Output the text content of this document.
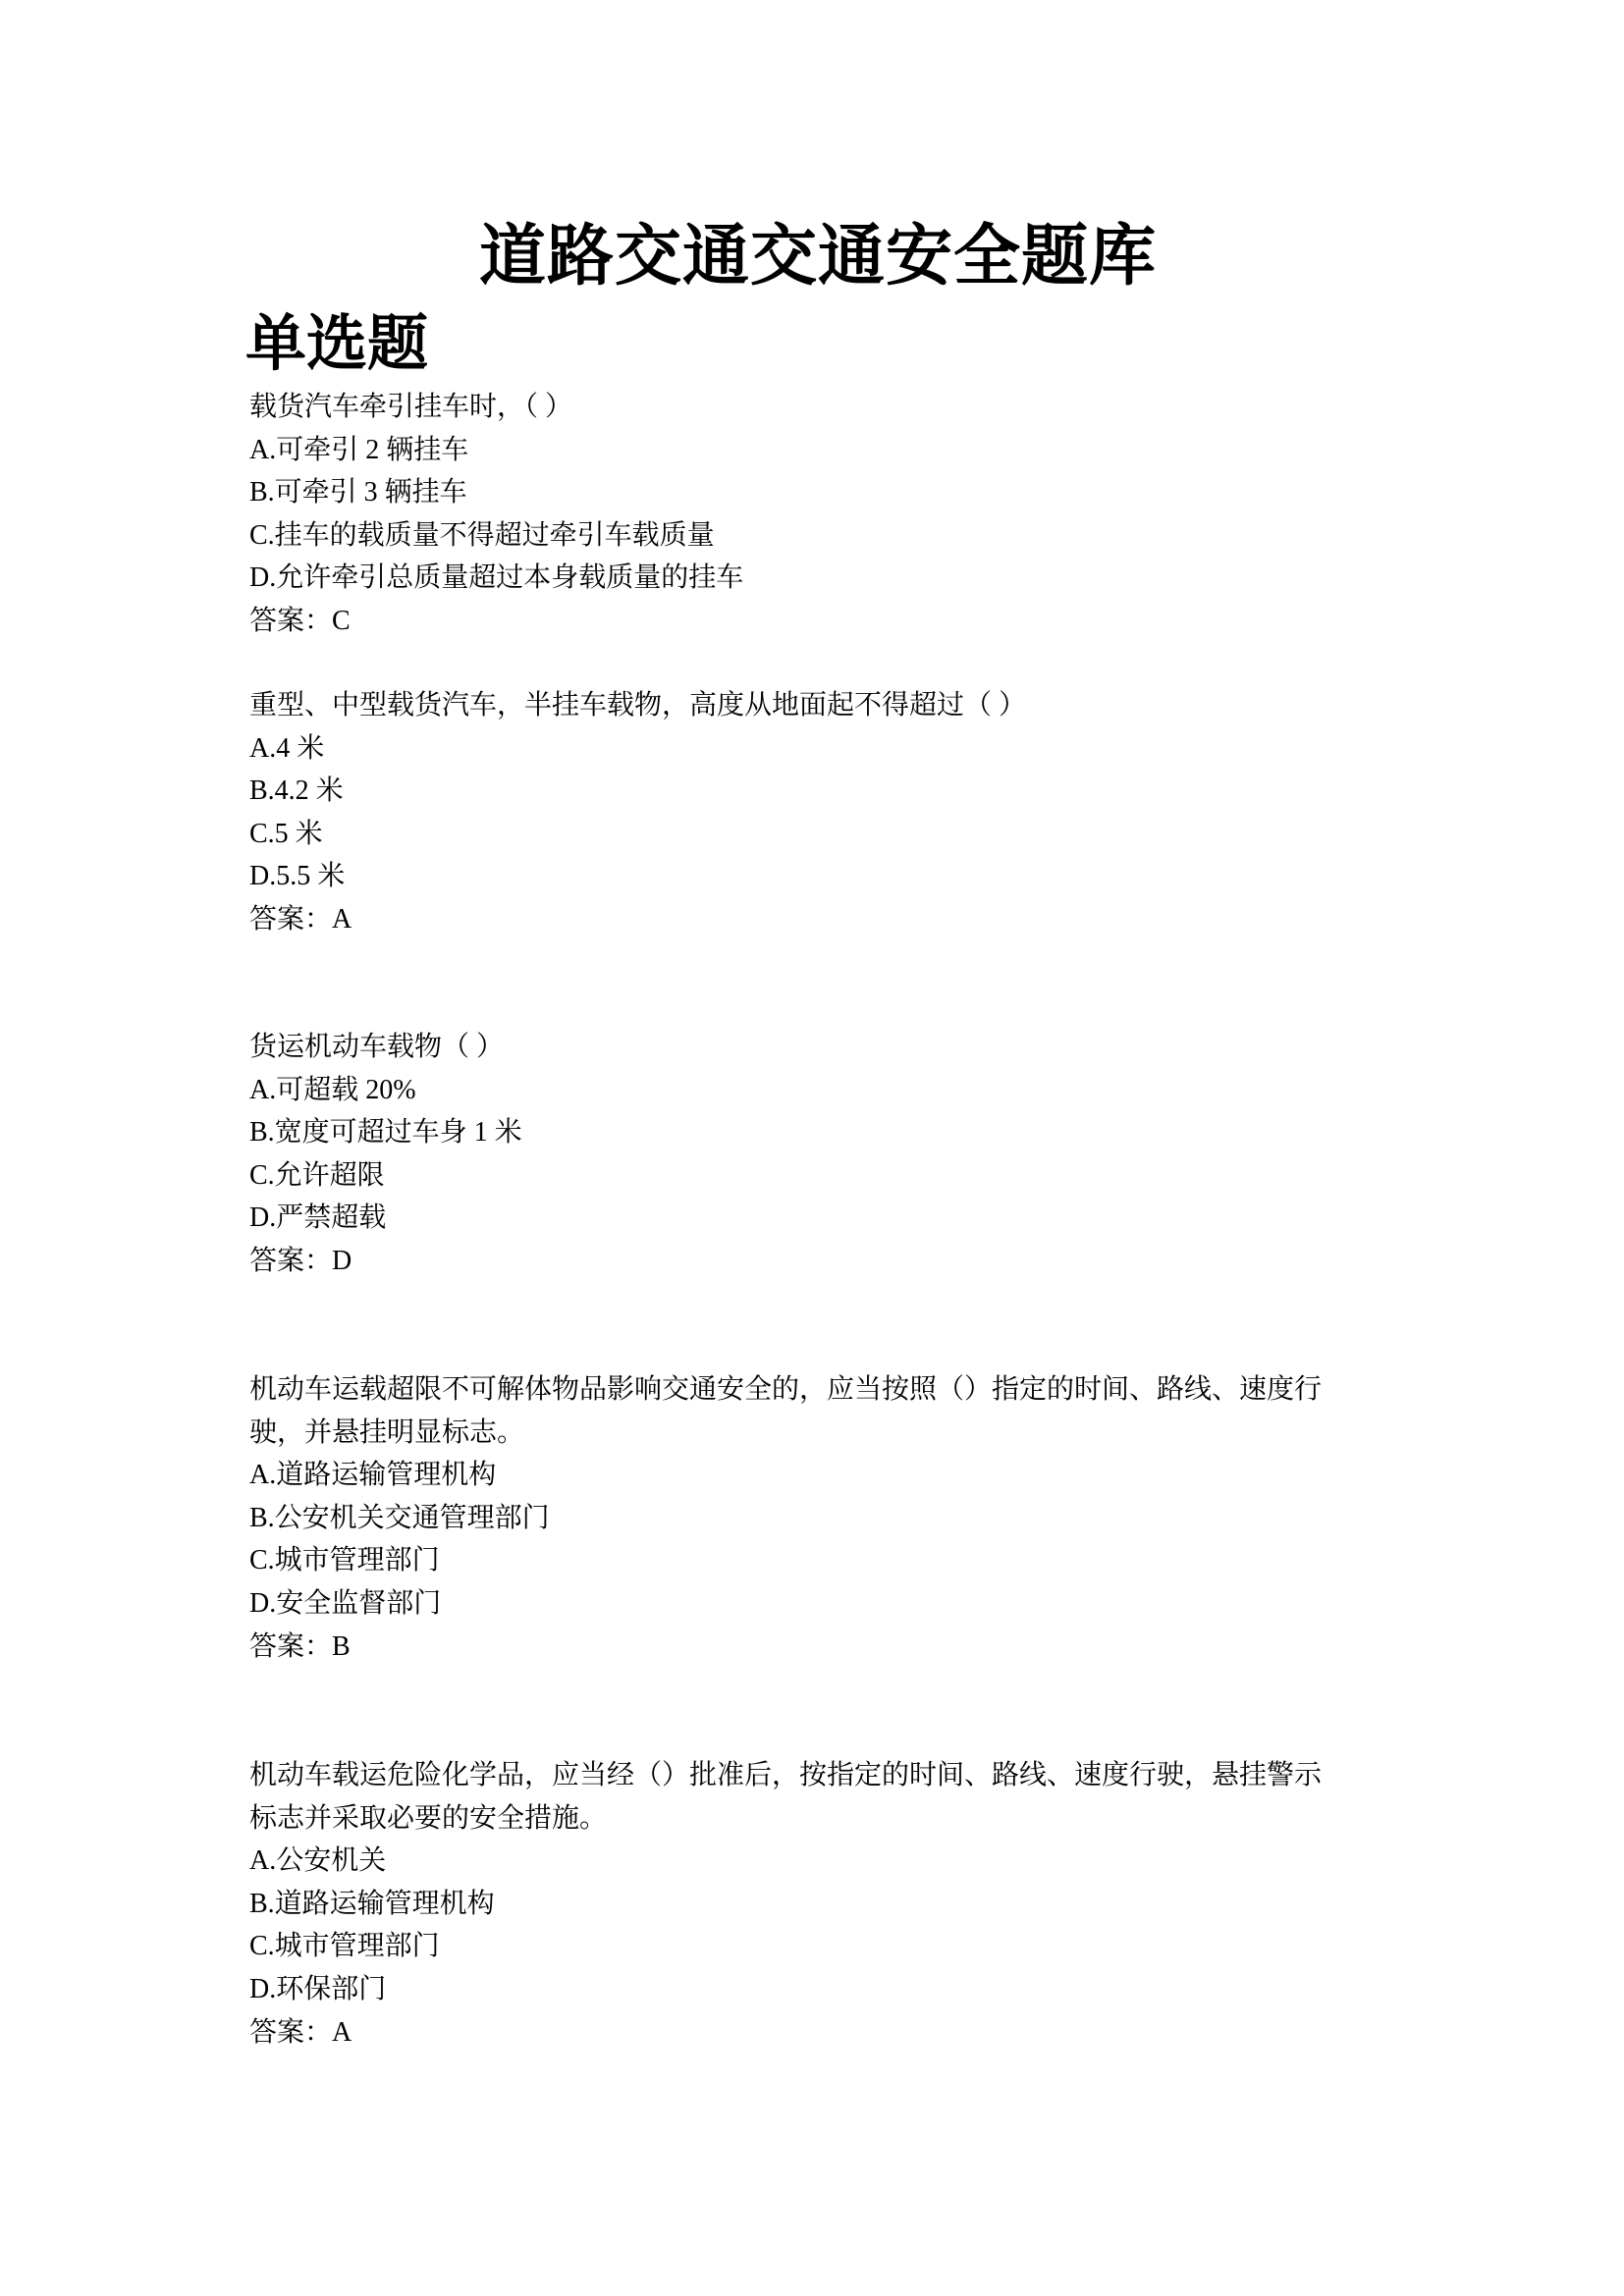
道路交通交通安全题库
单选题
载货汽车牵引挂车时，（ ）
A.可牵引 2 辆挂车
B.可牵引 3 辆挂车
C.挂车的载质量不得超过牵引车载质量
D.允许牵引总质量超过本身载质量的挂车
答案：C
重型、中型载货汽车，半挂车载物，高度从地面起不得超过（ ）
A.4 米
B.4.2 米
C.5 米
D.5.5 米
答案：A
货运机动车载物（ ）
A.可超载 20%
B.宽度可超过车身 1 米
C.允许超限
D.严禁超载
答案：D
机动车运载超限不可解体物品影响交通安全的，应当按照（）指定的时间、路线、速度行
驶，并悬挂明显标志。
A.道路运输管理机构
B.公安机关交通管理部门
C.城市管理部门
D.安全监督部门
答案：B
机动车载运危险化学品，应当经（）批准后，按指定的时间、路线、速度行驶，悬挂警示
标志并采取必要的安全措施。
A.公安机关
B.道路运输管理机构
C.城市管理部门
D.环保部门
答案：A
